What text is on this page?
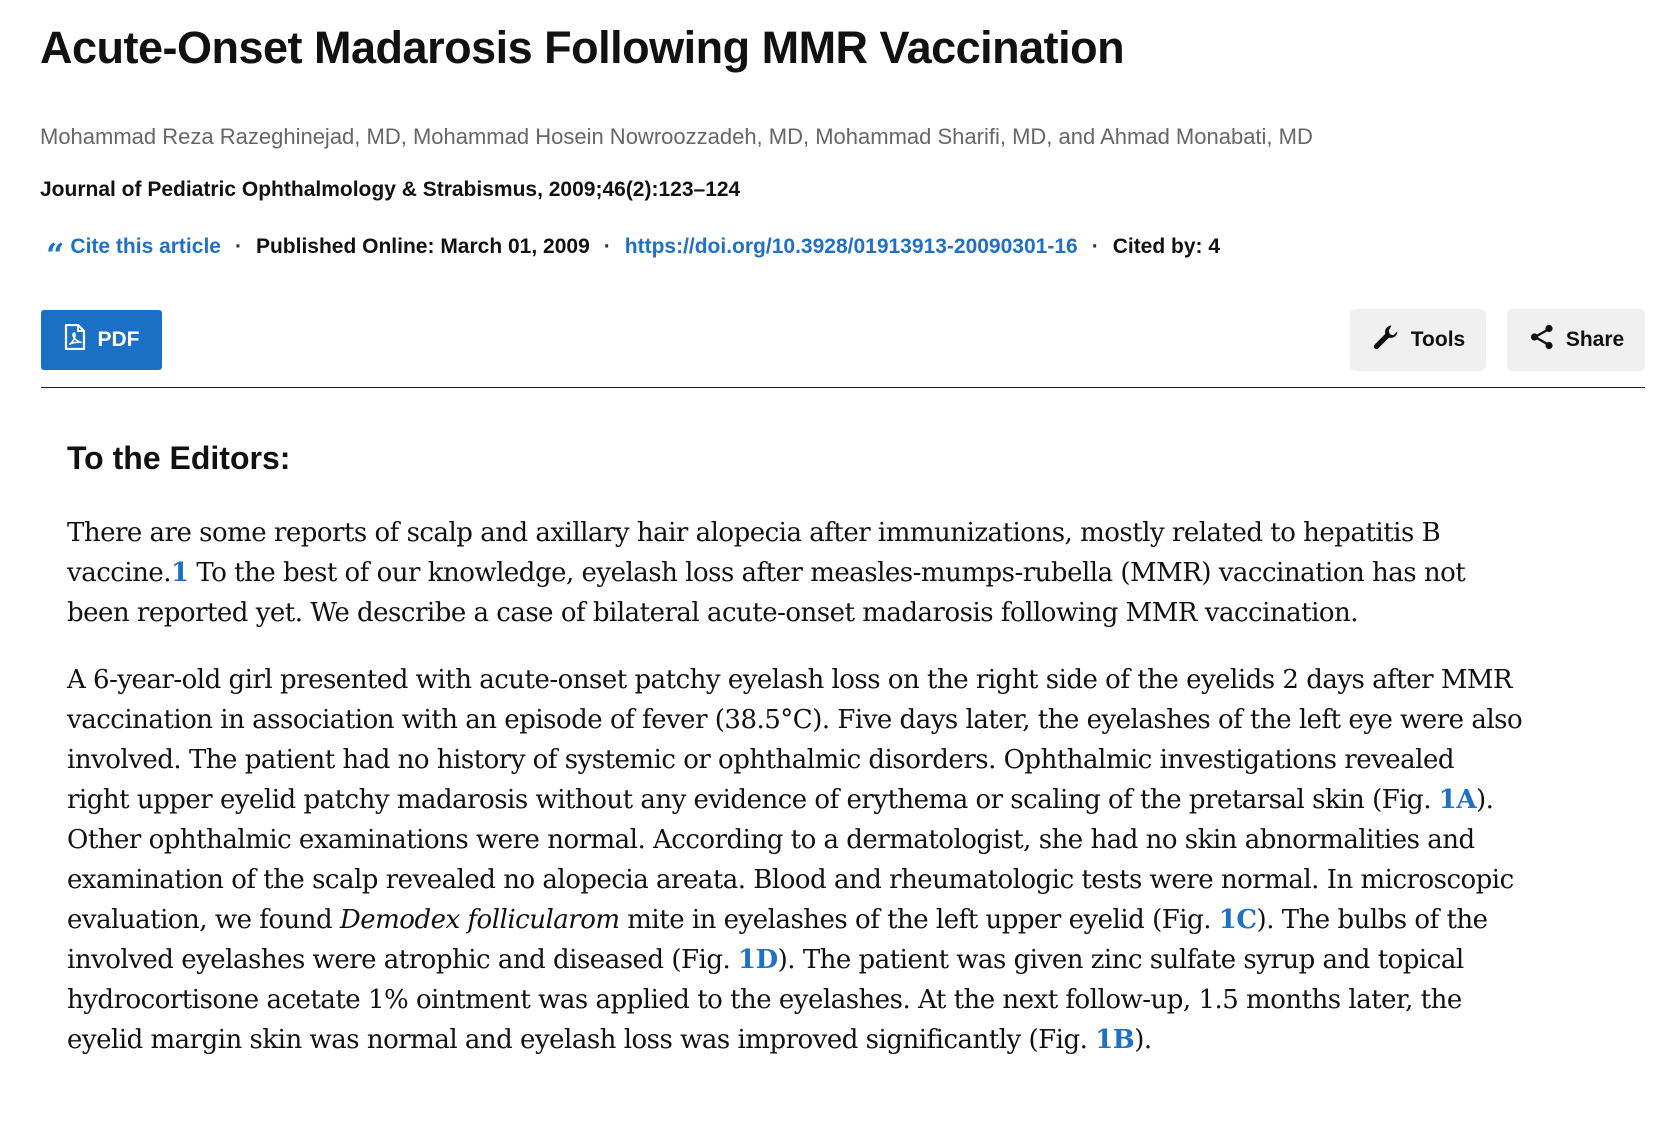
Acute-Onset Madarosis Following MMR Vaccination
Mohammad Reza Razeghinejad, MD, Mohammad Hosein Nowroozzadeh, MD, Mohammad Sharifi, MD, and Ahmad Monabati, MD
Journal of Pediatric Ophthalmology & Strabismus, 2009;46(2):123–124
“ Cite this article · Published Online: March 01, 2009 · https://doi.org/10.3928/01913913-20090301-16 · Cited by: 4
PDF	Tools	Share
To the Editors:

There are some reports of scalp and axillary hair alopecia after immunizations, mostly related to hepatitis B
vaccine.1 To the best of our knowledge, eyelash loss after measles-mumps-rubella (MMR) vaccination has not
been reported yet. We describe a case of bilateral acute-onset madarosis following MMR vaccination.

A 6-year-old girl presented with acute-onset patchy eyelash loss on the right side of the eyelids 2 days after MMR
vaccination in association with an episode of fever (38.5°C). Five days later, the eyelashes of the left eye were also
involved. The patient had no history of systemic or ophthalmic disorders. Ophthalmic investigations revealed
right upper eyelid patchy madarosis without any evidence of erythema or scaling of the pretarsal skin (Fig. 1A).
Other ophthalmic examinations were normal. According to a dermatologist, she had no skin abnormalities and
examination of the scalp revealed no alopecia areata. Blood and rheumatologic tests were normal. In microscopic
evaluation, we found Demodex follicularom mite in eyelashes of the left upper eyelid (Fig. 1C). The bulbs of the
involved eyelashes were atrophic and diseased (Fig. 1D). The patient was given zinc sulfate syrup and topical
hydrocortisone acetate 1% ointment was applied to the eyelashes. At the next follow-up, 1.5 months later, the
eyelid margin skin was normal and eyelash loss was improved significantly (Fig. 1B).
